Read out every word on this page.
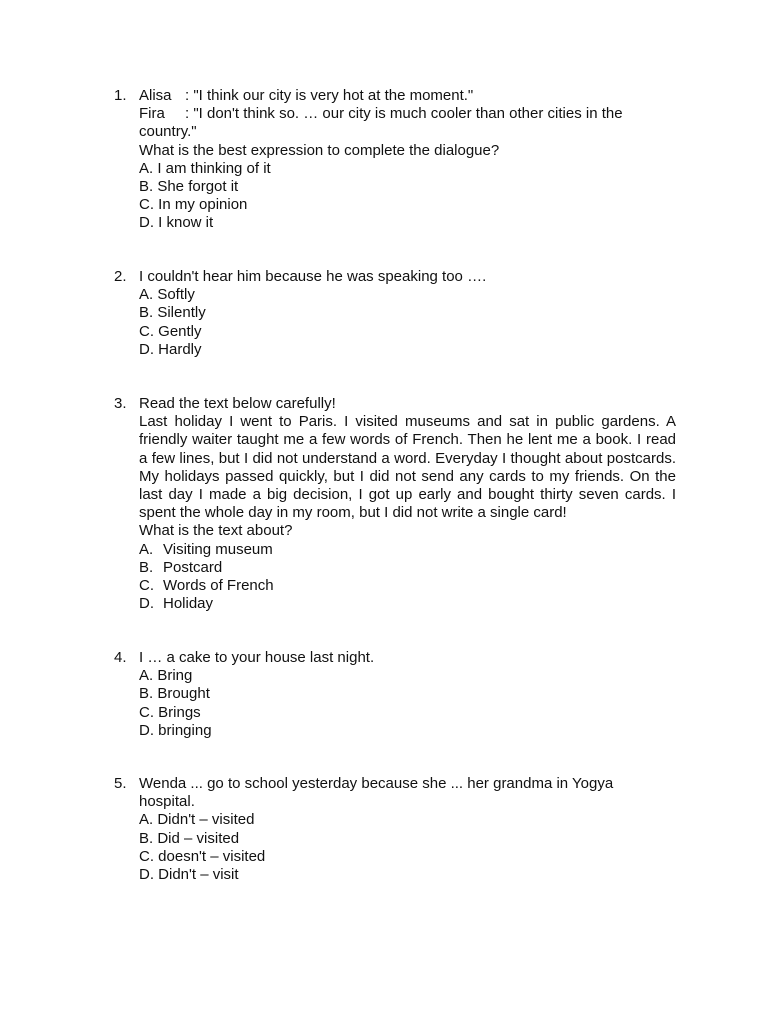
1. Alisa : "I think our city is very hot at the moment."
Fira : "I don't think so. … our city is much cooler than other cities in the country."
What is the best expression to complete the dialogue?
A. I am thinking of it
B. She forgot it
C. In my opinion
D. I know it
2. I couldn't hear him because he was speaking too ….
A. Softly
B. Silently
C. Gently
D. Hardly
3. Read the text below carefully!
Last holiday I went to Paris. I visited museums and sat in public gardens. A friendly waiter taught me a few words of French. Then he lent me a book. I read a few lines, but I did not understand a word. Everyday I thought about postcards. My holidays passed quickly, but I did not send any cards to my friends. On the last day I made a big decision, I got up early and bought thirty seven cards. I spent the whole day in my room, but I did not write a single card!
What is the text about?
A. Visiting museum
B. Postcard
C. Words of French
D. Holiday
4. I … a cake to your house last night.
A. Bring
B. Brought
C. Brings
D. bringing
5. Wenda ... go to school yesterday because she ... her grandma in Yogya hospital.
A. Didn't – visited
B. Did – visited
C. doesn't – visited
D. Didn't – visit
